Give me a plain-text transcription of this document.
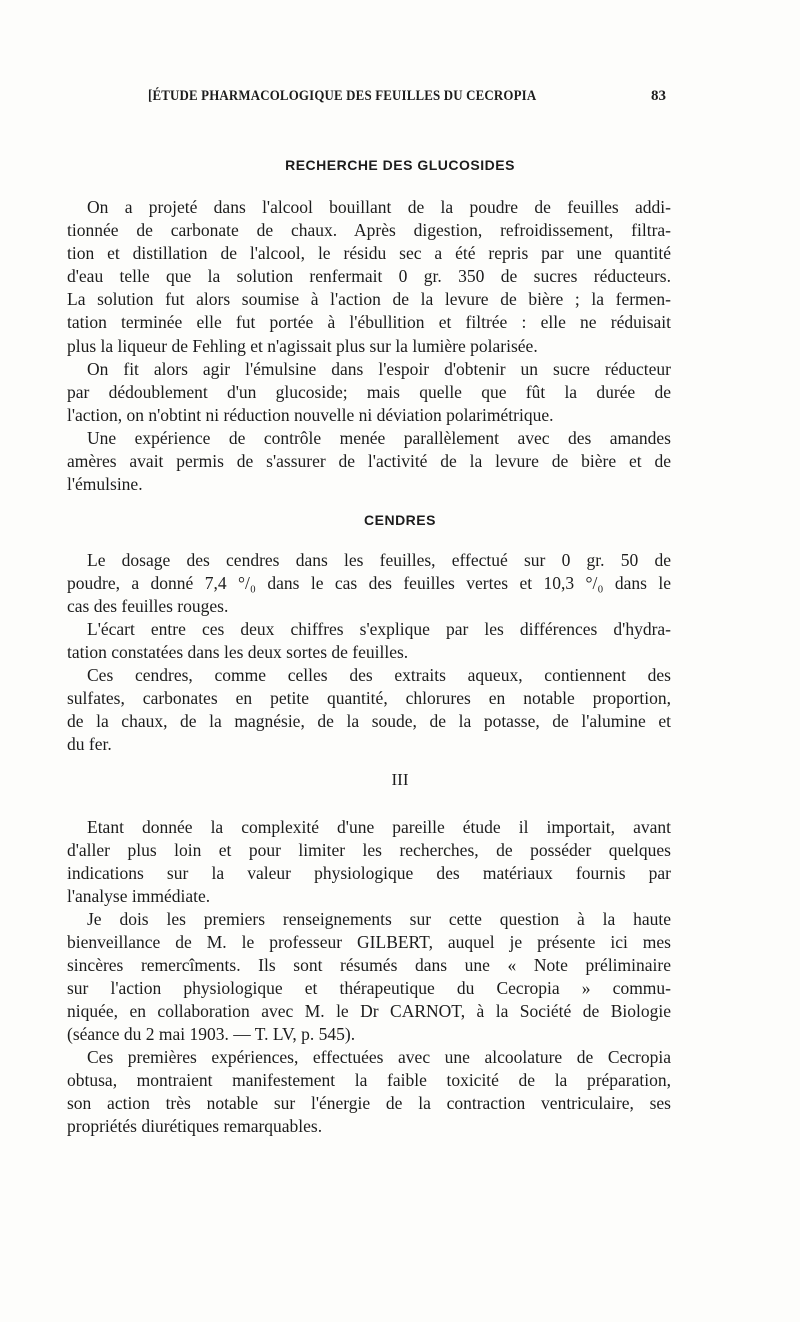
[ÉTUDE PHARMACOLOGIQUE DES FEUILLES DU CECROPIA	83
RECHERCHE DES GLUCOSIDES
On a projeté dans l'alcool bouillant de la poudre de feuilles addi-
tionnée de carbonate de chaux. Après digestion, refroidissement, filtra-
tion et distillation de l'alcool, le résidu sec a été repris par une quantité
d'eau telle que la solution renfermait 0 gr. 350 de sucres réducteurs.
La solution fut alors soumise à l'action de la levure de bière ; la fermen-
tation terminée elle fut portée à l'ébullition et filtrée : elle ne réduisait
plus la liqueur de Fehling et n'agissait plus sur la lumière polarisée.
On fit alors agir l'émulsine dans l'espoir d'obtenir un sucre réducteur
par dédoublement d'un glucoside; mais quelle que fût la durée de
l'action, on n'obtint ni réduction nouvelle ni déviation polarimétrique.
Une expérience de contrôle menée parallèlement avec des amandes
amères avait permis de s'assurer de l'activité de la levure de bière et de
l'émulsine.
CENDRES
Le dosage des cendres dans les feuilles, effectué sur 0 gr. 50 de
poudre, a donné 7,4 °/₀ dans le cas des feuilles vertes et 10,3 °/₀ dans le
cas des feuilles rouges.
L'écart entre ces deux chiffres s'explique par les différences d'hydra-
tation constatées dans les deux sortes de feuilles.
Ces cendres, comme celles des extraits aqueux, contiennent des
sulfates, carbonates en petite quantité, chlorures en notable proportion,
de la chaux, de la magnésie, de la soude, de la potasse, de l'alumine et
du fer.
III
Etant donnée la complexité d'une pareille étude il importait, avant
d'aller plus loin et pour limiter les recherches, de posséder quelques
indications sur la valeur physiologique des matériaux fournis par
l'analyse immédiate.
Je dois les premiers renseignements sur cette question à la haute
bienveillance de M. le professeur GILBERT, auquel je présente ici mes
sincères remercîments. Ils sont résumés dans une « Note préliminaire
sur l'action physiologique et thérapeutique du Cecropia » commu-
niquée, en collaboration avec M. le Dr CARNOT, à la Société de Biologie
(séance du 2 mai 1903. — T. LV, p. 545).
Ces premières expériences, effectuées avec une alcoolature de Cecropia
obtusa, montraient manifestement la faible toxicité de la préparation,
son action très notable sur l'énergie de la contraction ventriculaire, ses
propriétés diurétiques remarquables.
